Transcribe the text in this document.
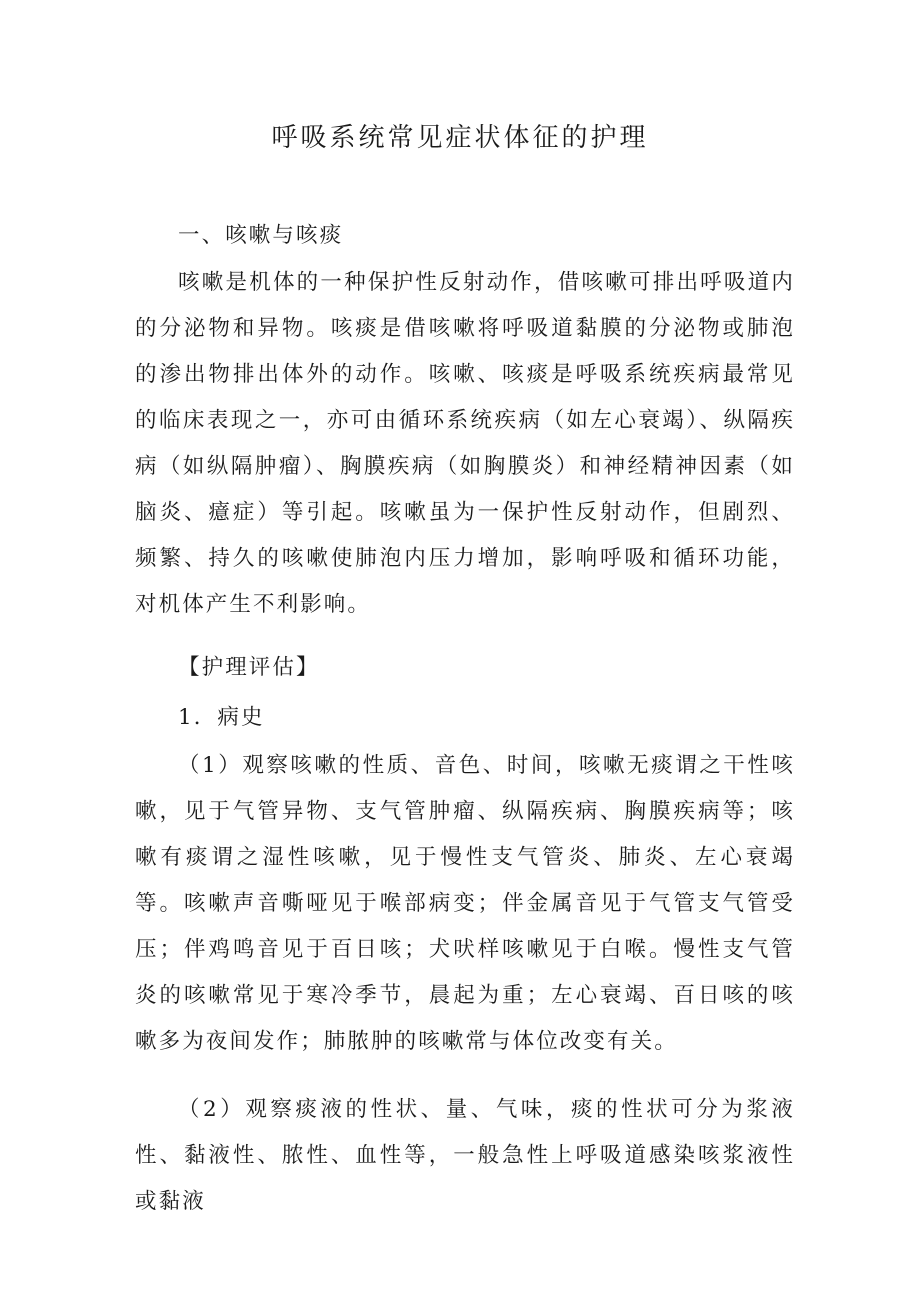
呼吸系统常见症状体征的护理

一、咳嗽与咳痰

咳嗽是机体的一种保护性反射动作，借咳嗽可排出呼吸道内的分泌物和异物。咳痰是借咳嗽将呼吸道黏膜的分泌物或肺泡的渗出物排出体外的动作。咳嗽、咳痰是呼吸系统疾病最常见的临床表现之一，亦可由循环系统疾病（如左心衰竭）、纵隔疾病（如纵隔肿瘤）、胸膜疾病（如胸膜炎）和神经精神因素（如脑炎、癔症）等引起。咳嗽虽为一保护性反射动作，但剧烈、频繁、持久的咳嗽使肺泡内压力增加，影响呼吸和循环功能，对机体产生不利影响。

【护理评估】

1．病史

（1）观察咳嗽的性质、音色、时间，咳嗽无痰谓之干性咳嗽，见于气管异物、支气管肿瘤、纵隔疾病、胸膜疾病等；咳嗽有痰谓之湿性咳嗽，见于慢性支气管炎、肺炎、左心衰竭等。咳嗽声音嘶哑见于喉部病变；伴金属音见于气管支气管受压；伴鸡鸣音见于百日咳；犬吠样咳嗽见于白喉。慢性支气管炎的咳嗽常见于寒冷季节，晨起为重；左心衰竭、百日咳的咳嗽多为夜间发作；肺脓肿的咳嗽常与体位改变有关。

（2）观察痰液的性状、量、气味，痰的性状可分为浆液性、黏液性、脓性、血性等，一般急性上呼吸道感染咳浆液性或黏液
